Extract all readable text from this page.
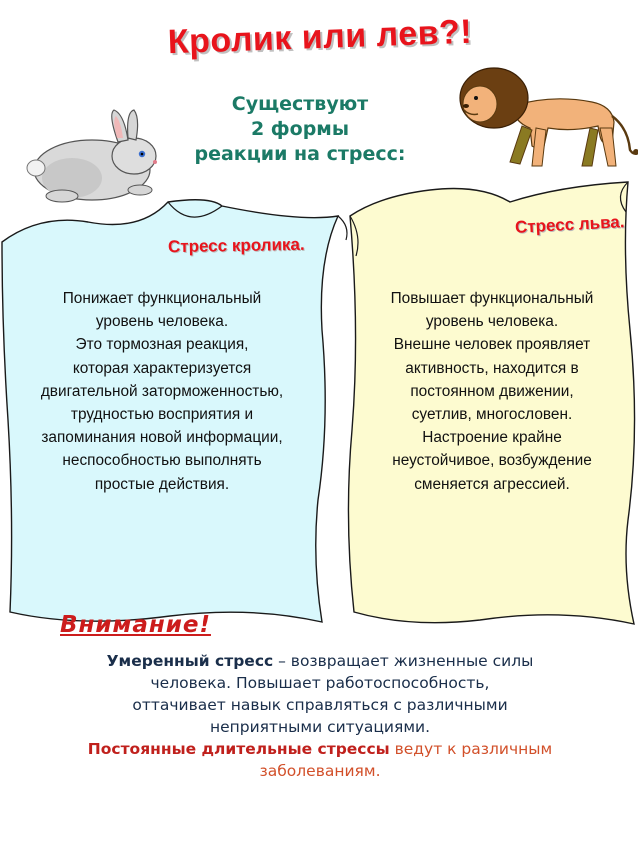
Кролик или лев?!
Существуют
2 формы
реакции на стресс:
Стресс кролика.
Стресс льва.
Понижает функциональный
уровень человека.
Это тормозная реакция,
которая характеризуется
двигательной заторможенностью,
трудностью восприятия и
запоминания новой информации,
неспособностью выполнять
простые действия.
Повышает функциональный
уровень человека.
Внешне человек проявляет
активность, находится в
постоянном движении,
суетлив, многословен.
Настроение крайне
неустойчивое, возбуждение
сменяется агрессией.
Внимание!
Умеренный стресс – возвращает жизненные силы
человека. Повышает работоспособность,
оттачивает навык справляться с различными
неприятными ситуациями.
Постоянные длительные стрессы ведут к различным
заболеваниям.
